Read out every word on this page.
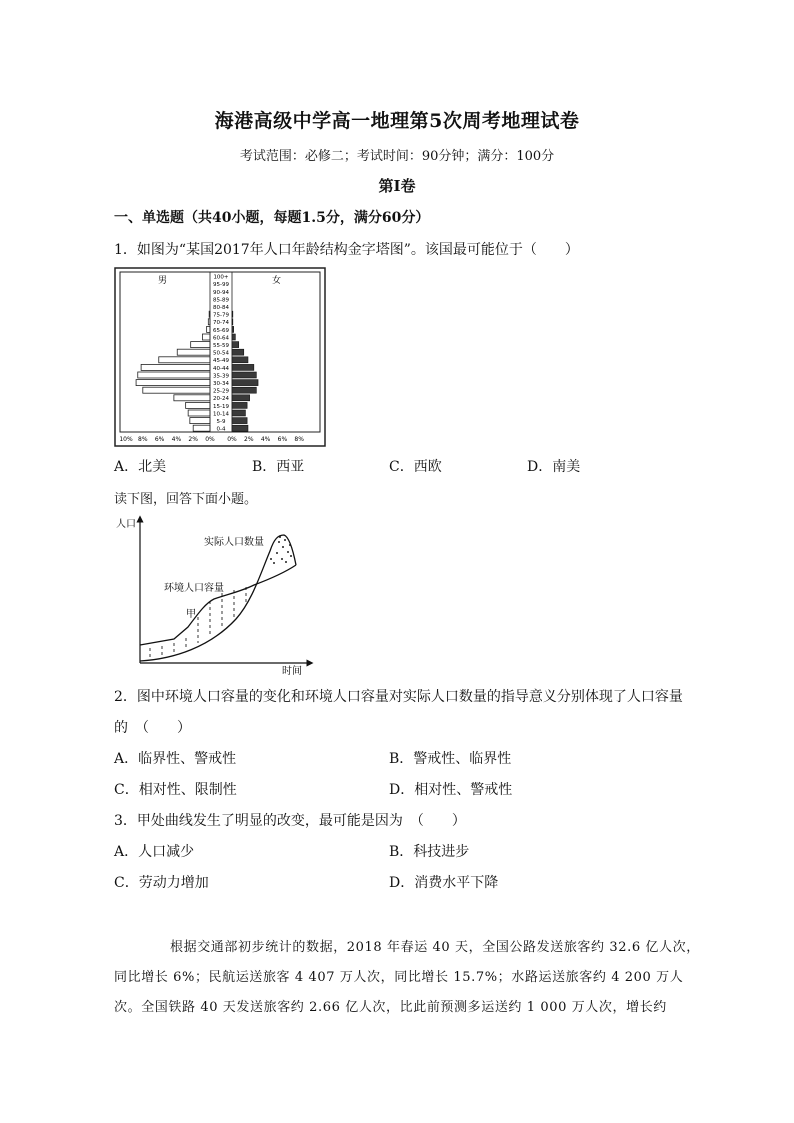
海港高级中学高一地理第5次周考地理试卷
考试范围：必修二；考试时间：90分钟；满分：100分
第I卷
一、单选题（共40小题，每题1.5分，满分60分）
1．如图为“某国2017年人口年龄结构金字塔图”。该国最可能位于（　　）
男	女
0-4
5-9
10-14
15-19
20-24
25-29
30-34
35-39
40-44
45-49
50-54
55-59
60-64
65-69
70-74
75-79
80-84
85-89
90-94
95-99
100+
10% 8% 6% 4% 2% 0% 0% 2% 4% 6% 8%
A．北美	B．西亚	C．西欧	D．南美
读下图，回答下面小题。
人口
时间
实际人口数量
环境人口容量
甲
2．图中环境人口容量的变化和环境人口容量对实际人口数量的指导意义分别体现了人口容量
的　（　　）
A．临界性、警戒性	B．警戒性、临界性
C．相对性、限制性	D．相对性、警戒性
3．甲处曲线发生了明显的改变，最可能是因为　（　　）
A．人口减少	B．科技进步
C．劳动力增加	D．消费水平下降
根据交通部初步统计的数据，2018 年春运 40 天，全国公路发送旅客约 32.6 亿人次，
同比增长 6%；民航运送旅客 4 407 万人次，同比增长 15.7%；水路运送旅客约 4 200 万人
次。全国铁路 40 天发送旅客约 2.66 亿人次，比此前预测多运送约 1 000 万人次，增长约
